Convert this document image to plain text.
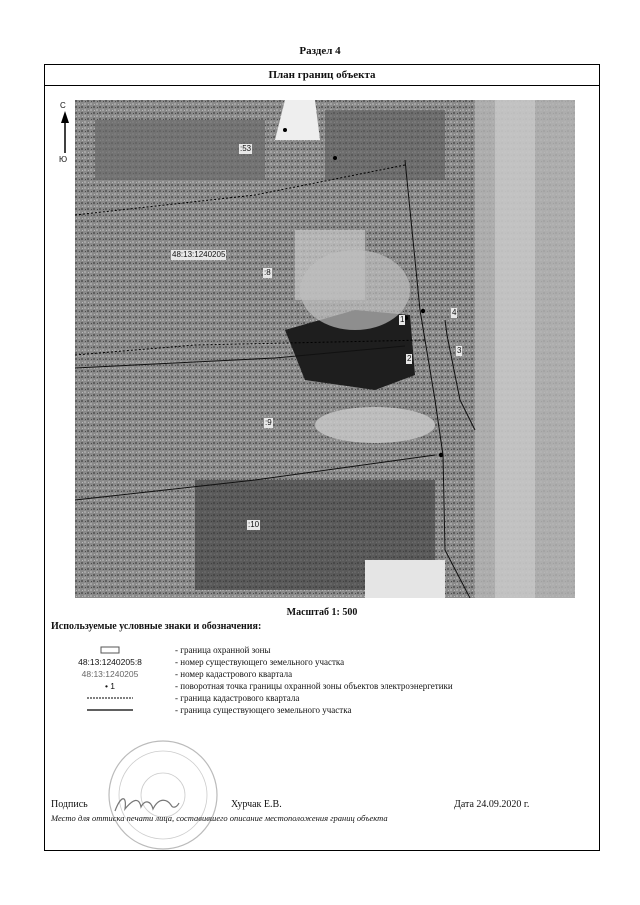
Раздел 4
План границ объекта
С
Ю
:53
48:13:1240205
:8
1
4
2
3
:9
:10
Масштаб 1: 500
Используемые условные знаки и обозначения:
- граница охранной зоны
48:13:1240205:8	- номер существующего земельного участка
48:13:1240205	- номер кадастрового квартала
• 1	- поворотная точка границы охранной зоны объектов электроэнергетики
- граница кадастрового квартала
- граница существующего земельного участка
Подпись	Хурчак Е.В.	Дата 24.09.2020 г.
Место для оттиска печати лица, составившего описание местоположения границ объекта
